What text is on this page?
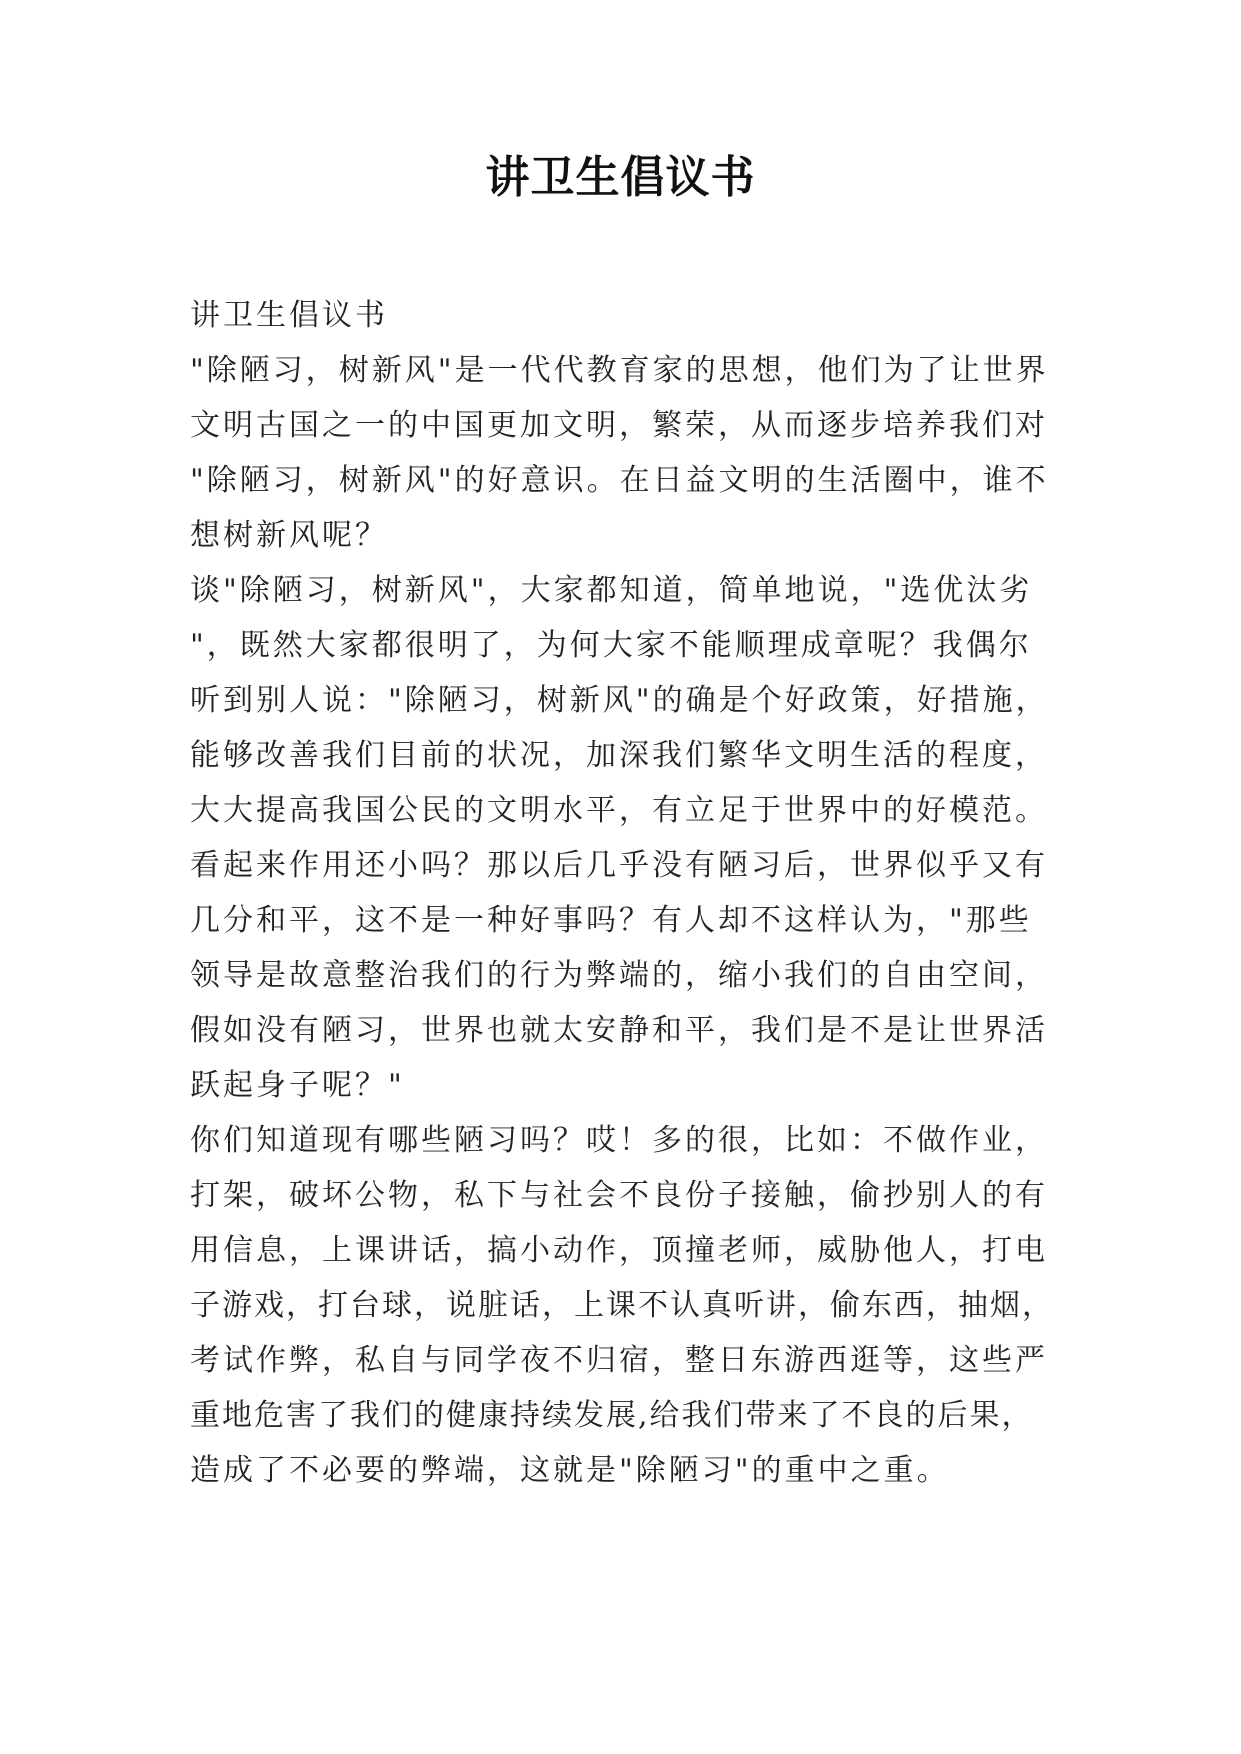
讲卫生倡议书
讲卫生倡议书
"除陋习，树新风"是一代代教育家的思想，他们为了让世界
文明古国之一的中国更加文明，繁荣，从而逐步培养我们对
"除陋习，树新风"的好意识。在日益文明的生活圈中，谁不
想树新风呢？
谈"除陋习，树新风"，大家都知道，简单地说，"选优汰劣
"，既然大家都很明了，为何大家不能顺理成章呢？我偶尔
听到别人说："除陋习，树新风"的确是个好政策，好措施，
能够改善我们目前的状况，加深我们繁华文明生活的程度，
大大提高我国公民的文明水平，有立足于世界中的好模范。
看起来作用还小吗？那以后几乎没有陋习后，世界似乎又有
几分和平，这不是一种好事吗？有人却不这样认为，"那些
领导是故意整治我们的行为弊端的，缩小我们的自由空间，
假如没有陋习，世界也就太安静和平，我们是不是让世界活
跃起身子呢？"
你们知道现有哪些陋习吗？哎！多的很，比如：不做作业，
打架，破坏公物，私下与社会不良份子接触，偷抄别人的有
用信息，上课讲话，搞小动作，顶撞老师，威胁他人，打电
子游戏，打台球，说脏话，上课不认真听讲，偷东西，抽烟，
考试作弊，私自与同学夜不归宿，整日东游西逛等，这些严
重地危害了我们的健康持续发展,给我们带来了不良的后果，
造成了不必要的弊端，这就是"除陋习"的重中之重。
